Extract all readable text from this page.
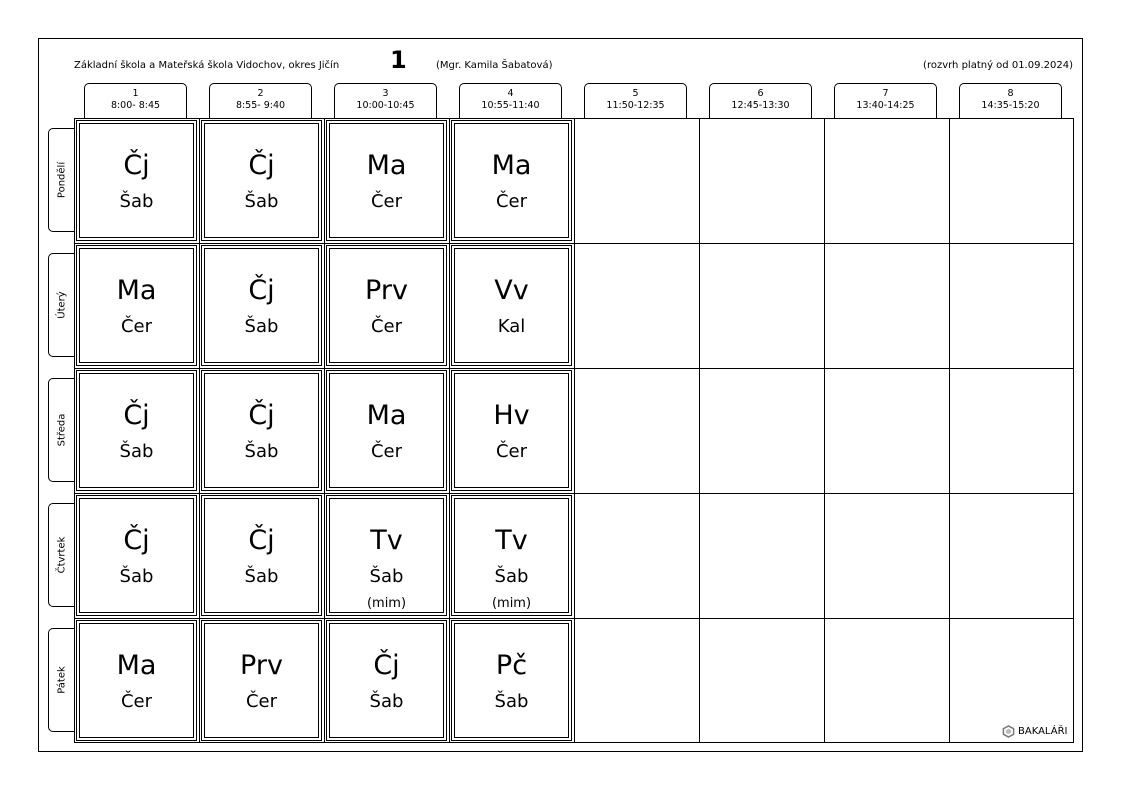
Základní škola a Mateřská škola Vidochov, okres Jičín 1	(Mgr. Kamila Šabatová)	(rozvrh platný od 01.09.2024)
1
8:00- 8:45
2
8:55- 9:40
3
10:00-10:45
4
10:55-11:40
5
11:50-12:35
6
12:45-13:30
7
13:40-14:25
8
14:35-15:20
Pondělí
Úterý
Středa
Čtvrtek
Pátek
Čj
Šab
Čj
Šab
Ma
Čer
Ma
Čer
Ma
Čer
Čj
Šab
Prv
Čer
Vv
Kal
Čj
Šab
Čj
Šab
Ma
Čer
Hv
Čer
Čj
Šab
Čj
Šab
Tv
Šab
(mim)
Tv
Šab
(mim)
Ma
Čer
Prv
Čer
Čj
Šab
Pč
Šab
BAKALÁŘI
